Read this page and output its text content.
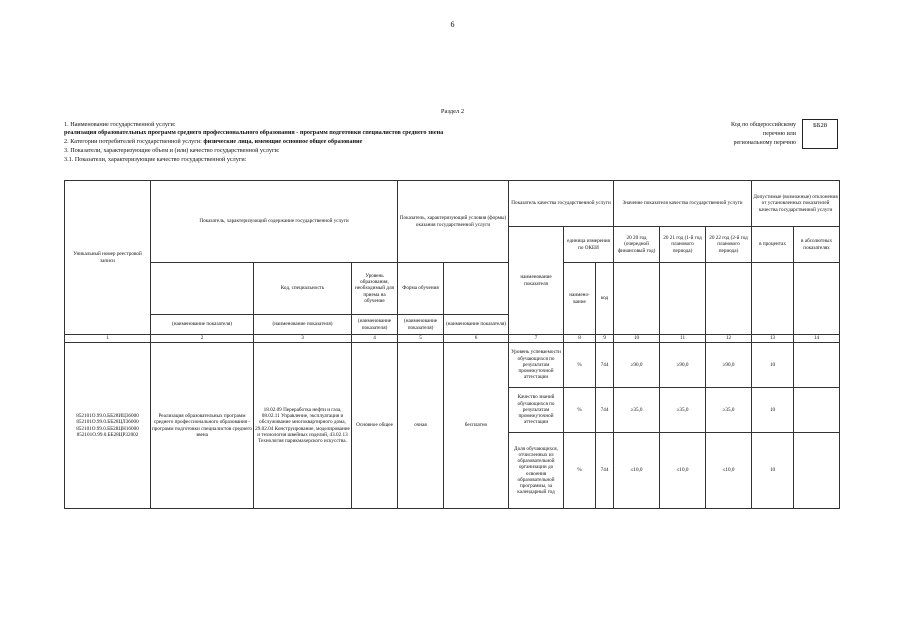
6
Раздел 2
1. Наименование государственной услуги:
реализация образовательных программ среднего профессионального образования - программ подготовки специалистов среднего звена
2. Категории потребителей государственной услуги: физические лица, имеющие основное общее образование
3. Показатели, характеризующие объем и (или) качество государственной услуги:
3.1. Показатели, характеризующие качество государственной услуги:
Код по общероссийскому
перечню или
региональному перечню
ББ28
Уникальный номер реестровой записи	Показатель, характеризующий содержание государственной услуги			Показатель, характеризующий условия (формы) оказания государственной услуги		Показатель качества государственной услуги			Значение показателя качества государственной услуги			Допустимые (возможные) отклонения от установленных показателей качества государственной услуги	
						наименование показателя	единица измерения по ОКЕИ		20 20 год (очередной финансовый год)	20 21 год (1-й год планового периода)	20 22 год (2-й год планового периода)	в процентах	в абсолютных показателях
		Код, специальность	Уровень образования, необходимый для приема на обучение	Форма обучения			наимено-вание	код					
	(наименование показателя)	(наименование показателя)	(наименование показателя)	(наименование показателя)	(наименование показателя)								
1	2	3	4	5	6	7	8	9	10	11	12	13	14
852101О.99.0.ББ28ИЦ36000 852101О.99.0.ББ28ЦЛ36000 852101О.99.0.ББ28ЦН16000 852101О.99.0.ББ28ЦР32002	Реализация образовательных программ среднего профессионального образования - программ подготовки специалистов среднего звена	18.02.09 Переработка нефти и газа, 08.02.11 Управление, эксплуатация и обслуживание многоквартирного дома, 29.02.04 Конструирование, моделирование и технология швейных изделий, 43.02.13 Технология парикмахерского искусства.	Основное общее	очная	бесплатно	Уровень успеваемости обучающихся по результатам промежуточной аттестации	%	744	≥90,0	≥90,0	≥90,0	10	
						Качество знаний обучающихся по результатам промежуточной аттестации	%	744	≥35,0	≥35,0	≥35,0	10	
						Доля обучающихся, отчисленных из образовательной организации до освоения образовательной программы, за календарный год	%	744	≤10,0	≤10,0	≤10,0	10	
